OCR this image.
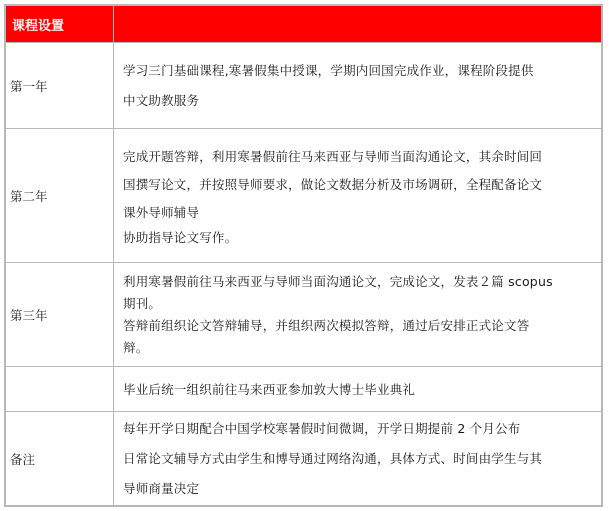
课程设置	
第一年	学习三门基础课程,寒暑假集中授课，学期内回国完成作业，课程阶段提供
中文助教服务

第二年	完成开题答辩，利用寒暑假前往马来西亚与导师当面沟通论文，其余时间回
国撰写论文，并按照导师要求，做论文数据分析及市场调研，全程配备论文
课外导师辅导
协助指导论文写作。

第三年	利用寒暑假前往马来西亚与导师当面沟通论文，完成论文，发表２篇 scopus
期刊。
答辩前组织论文答辩辅导，并组织两次模拟答辩，通过后安排正式论文答
辩。

	毕业后统一组织前往马来西亚参加敦大博士毕业典礼

备注	每年开学日期配合中国学校寒暑假时间微调，开学日期提前 2 个月公布
日常论文辅导方式由学生和博导通过网络沟通，具体方式、时间由学生与其
导师商量决定
